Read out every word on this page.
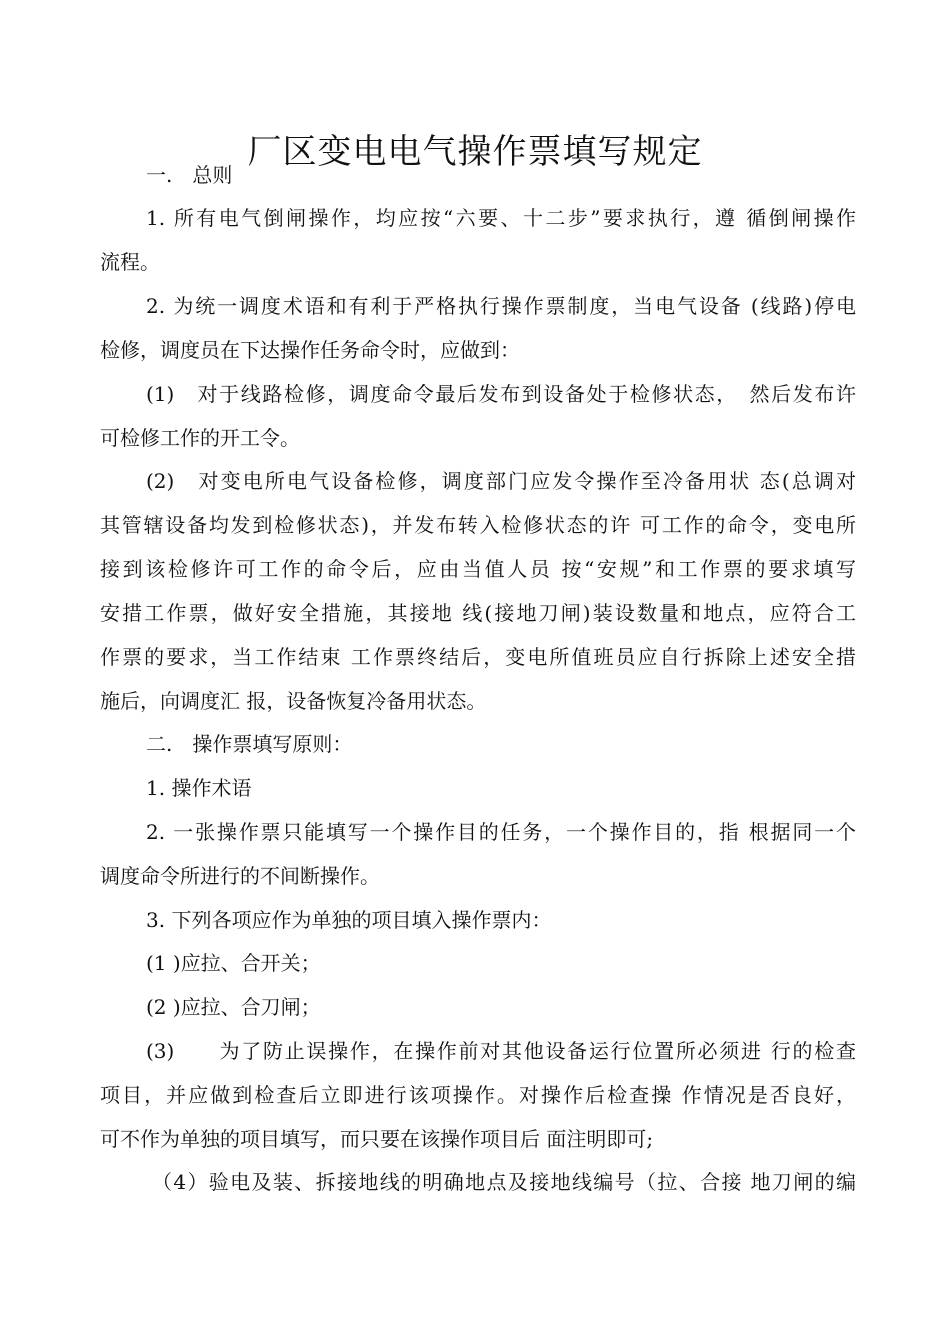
厂区变电电气操作票填写规定
一.　总则
1. 所有电气倒闸操作，均应按“六要、十二步”要求执行，遵 循倒闸操作
流程。
2. 为统一调度术语和有利于严格执行操作票制度，当电气设备 (线路)停电
检修，调度员在下达操作任务命令时，应做到：
(1)　对于线路检修，调度命令最后发布到设备处于检修状态，　然后发布许
可检修工作的开工令。
(2)　对变电所电气设备检修，调度部门应发令操作至冷备用状 态(总调对
其管辖设备均发到检修状态)，并发布转入检修状态的许 可工作的命令，变电所
接到该检修许可工作的命令后，应由当值人员 按“安规”和工作票的要求填写
安措工作票，做好安全措施，其接地 线(接地刀闸)装设数量和地点，应符合工
作票的要求，当工作结束 工作票终结后，变电所值班员应自行拆除上述安全措
施后，向调度汇 报，设备恢复冷备用状态。
二.　操作票填写原则：
1. 操作术语
2. 一张操作票只能填写一个操作目的任务，一个操作目的，指 根据同一个
调度命令所进行的不间断操作。
3. 下列各项应作为单独的项目填入操作票内：
(1 )应拉、合开关；
(2 )应拉、合刀闸；
(3)　　为了防止误操作，在操作前对其他设备运行位置所必须进 行的检查
项目，并应做到检查后立即进行该项操作。对操作后检查操 作情况是否良好，
可不作为单独的项目填写，而只要在该操作项目后 面注明即可;
（4）验电及装、拆接地线的明确地点及接地线编号（拉、合接 地刀闸的编
